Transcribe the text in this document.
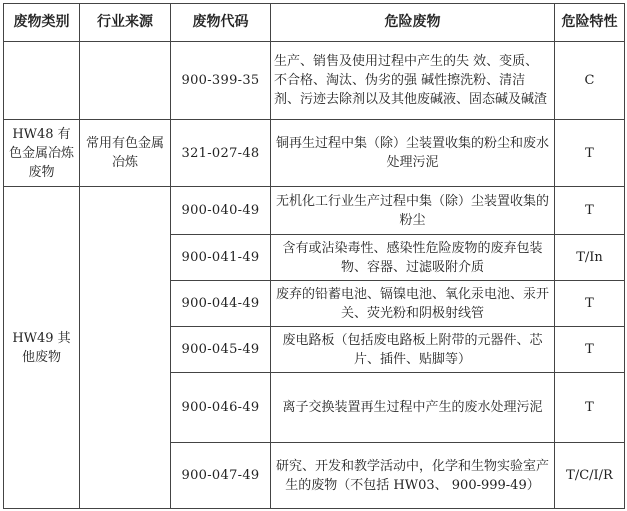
废物类别	行业来源	废物代码	危险废物	危险特性
		900-399-35	生产、销售及使用过程中产生的失 效、变质、不合格、淘汰、伪劣的强 碱性擦洗粉、清洁剂、污迹去除剂以及其他废碱液、固态碱及碱渣	C
HW48 有色金属冶炼废物	常用有色金属冶炼	321-027-48	铜再生过程中集（除）尘装置收集的粉尘和废水处理污泥	T
HW49 其他废物		900-040-49	无机化工行业生产过程中集（除）尘装置收集的粉尘	T
		900-041-49	含有或沾染毒性、感染性危险废物的废弃包装物、容器、过滤吸附介质	T/In
		900-044-49	废弃的铅蓄电池、镉镍电池、氧化汞电池、汞开关、荧光粉和阴极射线管	T
		900-045-49	废电路板（包括废电路板上附带的元器件、芯片、插件、贴脚等）	T
		900-046-49	离子交换装置再生过程中产生的废水处理污泥	T
		900-047-49	研究、开发和教学活动中，化学和生物实验室产生的废物（不包括 HW03、 900-999-49）	T/C/I/R
